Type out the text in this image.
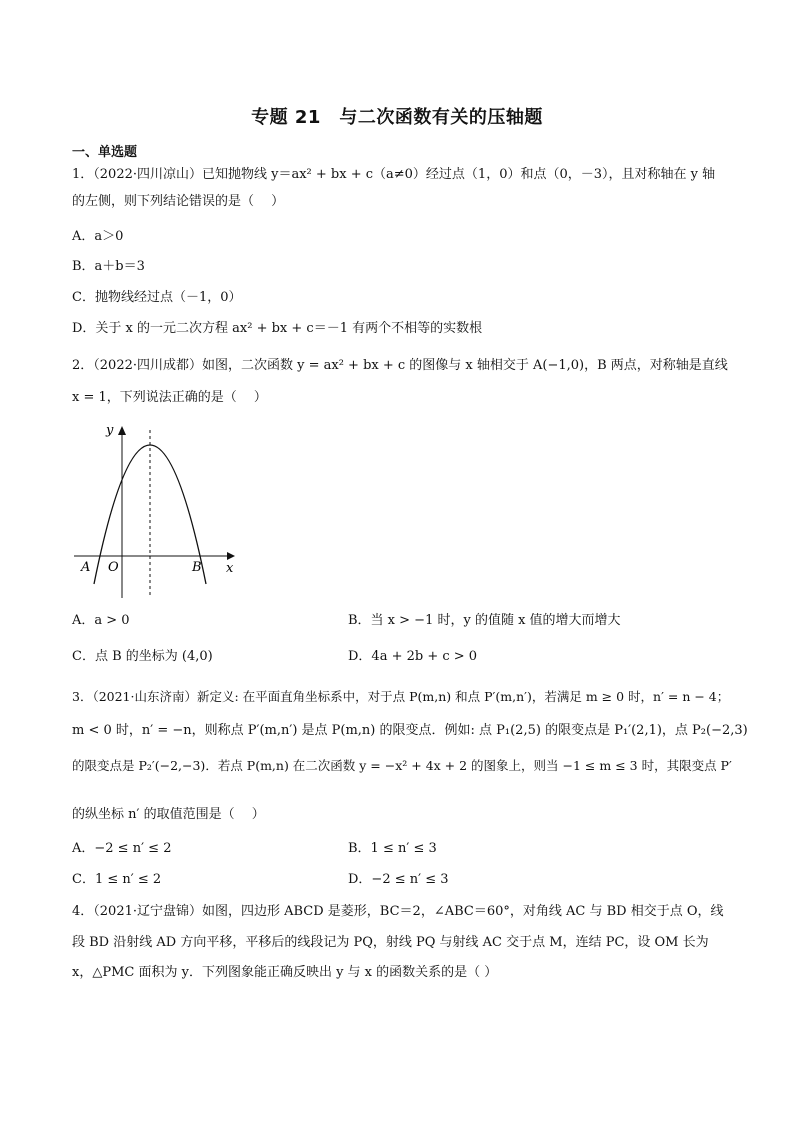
专题 21　与二次函数有关的压轴题
一、单选题
1．（2022·四川凉山）已知抛物线 y＝ax² + bx + c（a≠0）经过点（1，0）和点（0，－3），且对称轴在 y 轴
的左侧，则下列结论错误的是（　 ）
A．a＞0
B．a＋b＝3
C．抛物线经过点（－1，0）
D．关于 x 的一元二次方程 ax² + bx + c＝－1 有两个不相等的实数根
2．（2022·四川成都）如图，二次函数 y = ax² + bx + c 的图像与 x 轴相交于 A(−1,0)，B 两点，对称轴是直线
x = 1，下列说法正确的是（　 ）
y
x
A O	B
A．a > 0	B．当 x > −1 时，y 的值随 x 值的增大而增大
C．点 B 的坐标为 (4,0)	D．4a + 2b + c > 0
3．（2021·山东济南）新定义: 在平面直角坐标系中，对于点 P(m,n) 和点 P′(m,n′)，若满足 m ≥ 0 时，n′ = n − 4；
m < 0 时，n′ = −n，则称点 P′(m,n′) 是点 P(m,n) 的限变点．例如: 点 P₁(2,5) 的限变点是 P₁′(2,1)，点 P₂(−2,3)
的限变点是 P₂′(−2,−3)．若点 P(m,n) 在二次函数 y = −x² + 4x + 2 的图象上，则当 −1 ≤ m ≤ 3 时，其限变点 P′
的纵坐标 n′ 的取值范围是（　 ）
A．−2 ≤ n′ ≤ 2	B．1 ≤ n′ ≤ 3
C．1 ≤ n′ ≤ 2	D．−2 ≤ n′ ≤ 3
4．（2021·辽宁盘锦）如图，四边形 ABCD 是菱形，BC＝2，∠ABC＝60°，对角线 AC 与 BD 相交于点 O，线
段 BD 沿射线 AD 方向平移，平移后的线段记为 PQ，射线 PQ 与射线 AC 交于点 M，连结 PC，设 OM 长为
x，△PMC 面积为 y．下列图象能正确反映出 y 与 x 的函数关系的是（ ）
